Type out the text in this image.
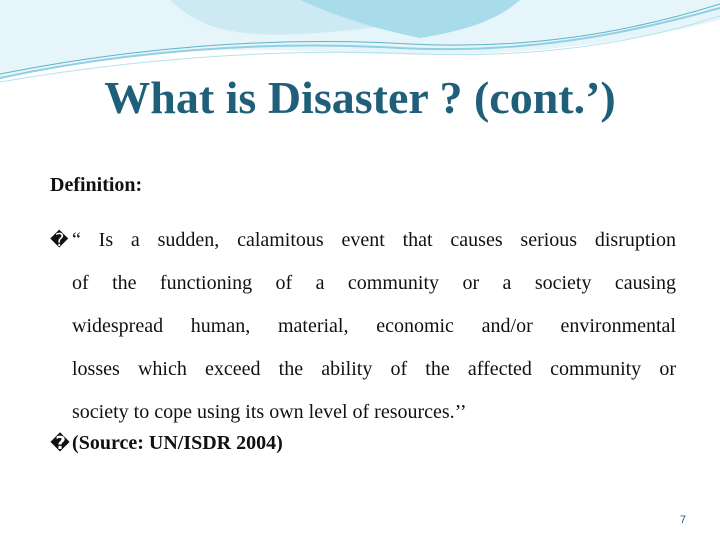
What is Disaster ? (cont.’)
Definition:
� “ Is a sudden, calamitous event that causes serious disruption
of the functioning of a community or a society causing
widespread human, material, economic and/or environmental
losses which exceed the ability of the affected community or
society to cope using its own level of resources.’’
� (Source: UN/ISDR 2004)
7
